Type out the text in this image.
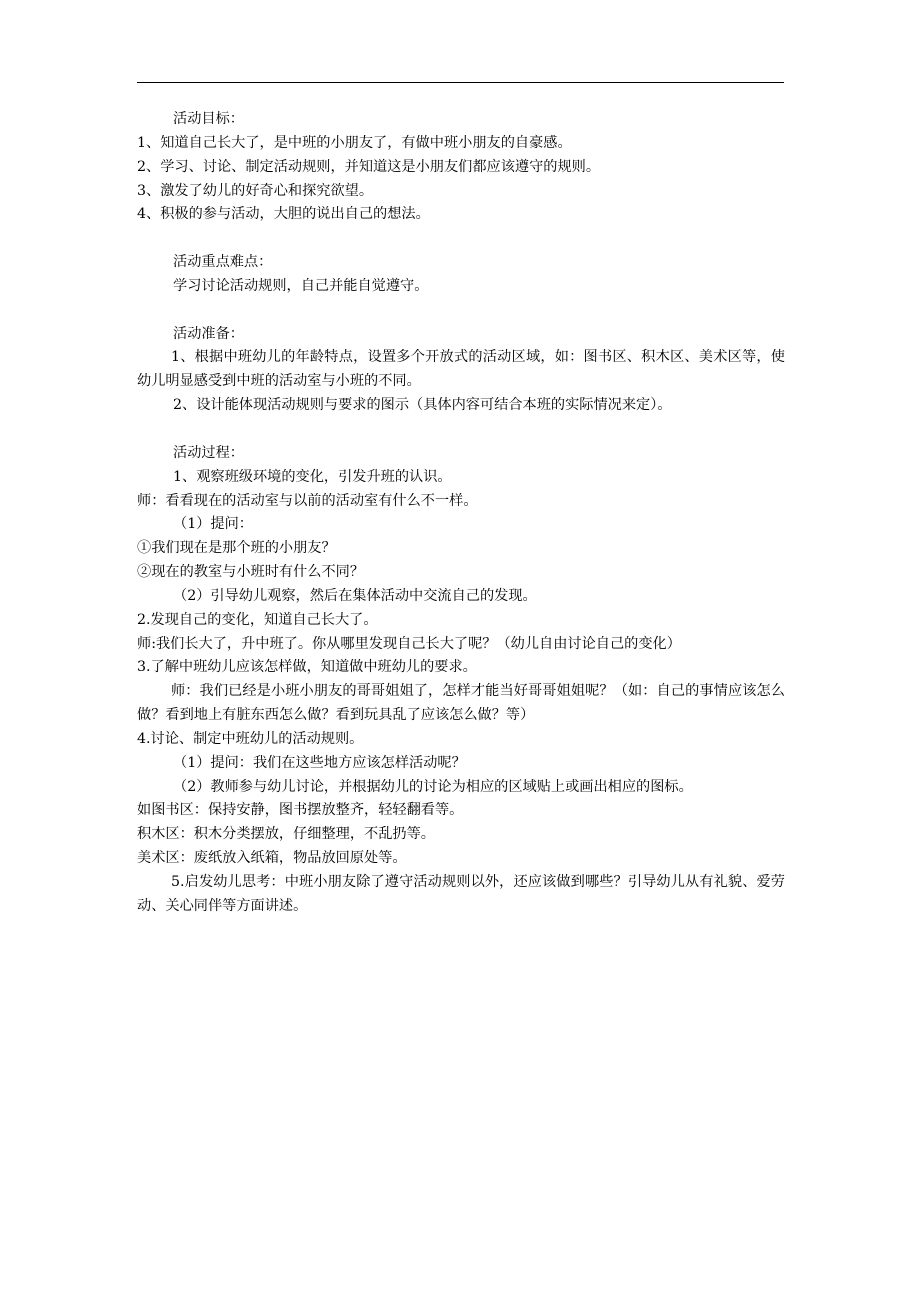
活动目标：
1、知道自己长大了，是中班的小朋友了，有做中班小朋友的自豪感。
2、学习、讨论、制定活动规则，并知道这是小朋友们都应该遵守的规则。
3、激发了幼儿的好奇心和探究欲望。
4、积极的参与活动，大胆的说出自己的想法。
活动重点难点：
学习讨论活动规则，自己并能自觉遵守。
活动准备：
1、根据中班幼儿的年龄特点，设置多个开放式的活动区域，如：图书区、积木区、美术区等，使幼儿明显感受到中班的活动室与小班的不同。
2、设计能体现活动规则与要求的图示（具体内容可结合本班的实际情况来定）。
活动过程：
1、观察班级环境的变化，引发升班的认识。
师：看看现在的活动室与以前的活动室有什么不一样。
（1）提问：
①我们现在是那个班的小朋友？
②现在的教室与小班时有什么不同？
（2）引导幼儿观察，然后在集体活动中交流自己的发现。
2.发现自己的变化，知道自己长大了。
师:我们长大了，升中班了。你从哪里发现自己长大了呢？（幼儿自由讨论自己的变化）
3.了解中班幼儿应该怎样做，知道做中班幼儿的要求。
师：我们已经是小班小朋友的哥哥姐姐了，怎样才能当好哥哥姐姐呢？（如：自己的事情应该怎么做？看到地上有脏东西怎么做？看到玩具乱了应该怎么做？等）
4.讨论、制定中班幼儿的活动规则。
（1）提问：我们在这些地方应该怎样活动呢？
（2）教师参与幼儿讨论，并根据幼儿的讨论为相应的区域贴上或画出相应的图标。
如图书区：保持安静，图书摆放整齐，轻轻翻看等。
积木区：积木分类摆放，仔细整理，不乱扔等。
美术区：废纸放入纸箱，物品放回原处等。
5.启发幼儿思考：中班小朋友除了遵守活动规则以外，还应该做到哪些？引导幼儿从有礼貌、爱劳动、关心同伴等方面讲述。
